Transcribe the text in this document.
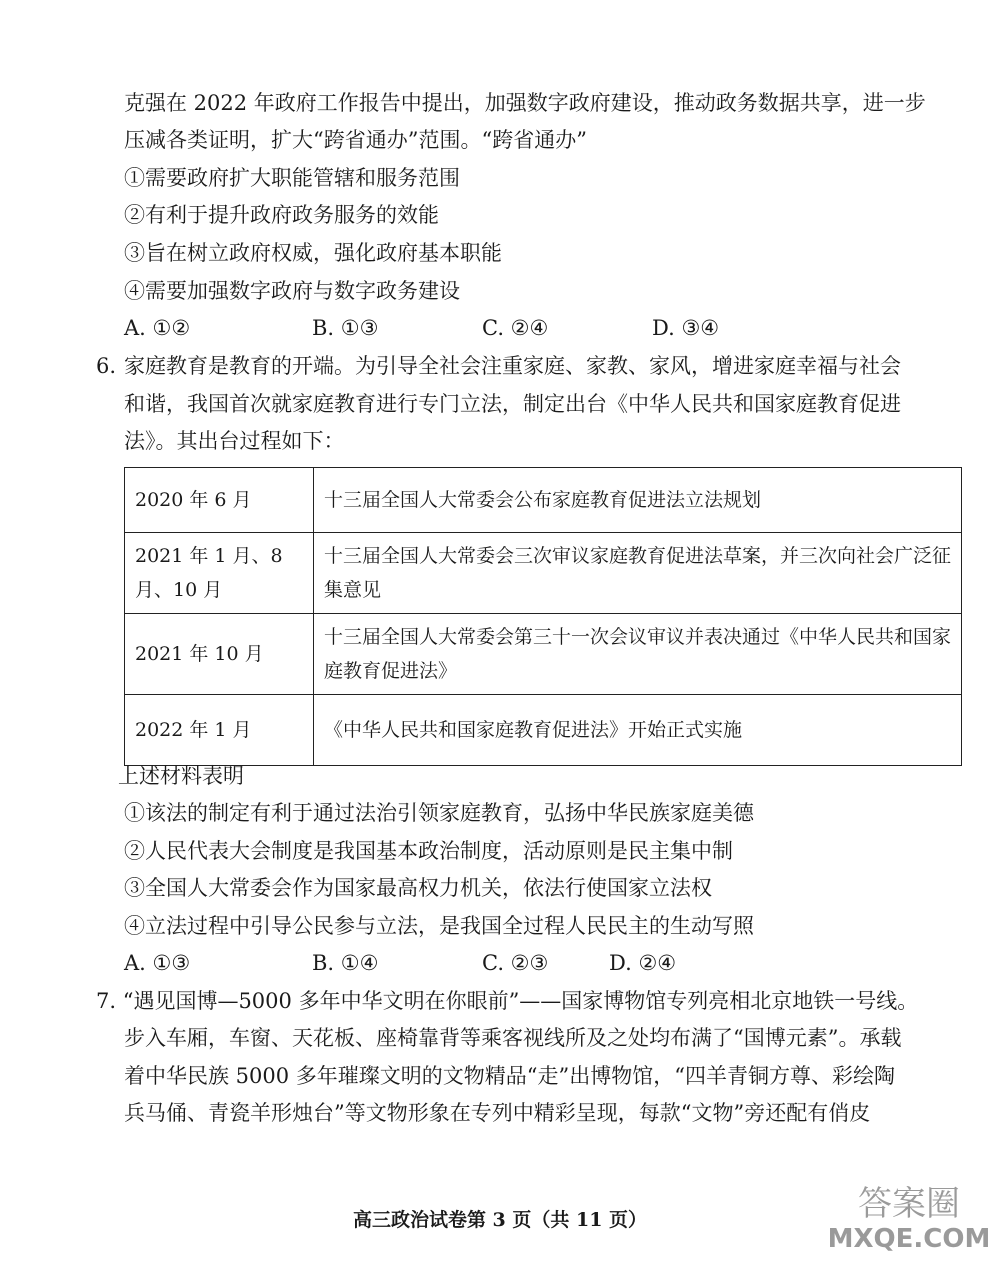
克强在 2022 年政府工作报告中提出，加强数字政府建设，推动政务数据共享，进一步
压减各类证明，扩大“跨省通办”范围。“跨省通办”
①需要政府扩大职能管辖和服务范围
②有利于提升政府政务服务的效能
③旨在树立政府权威，强化政府基本职能
④需要加强数字政府与数字政务建设
A. ①②	B. ①③	C. ②④	D. ③④
6. 家庭教育是教育的开端。为引导全社会注重家庭、家教、家风，增进家庭幸福与社会
和谐，我国首次就家庭教育进行专门立法，制定出台《中华人民共和国家庭教育促进
法》。其出台过程如下：
2020 年 6 月	十三届全国人大常委会公布家庭教育促进法立法规划
2021 年 1 月、8 月、10 月	十三届全国人大常委会三次审议家庭教育促进法草案，并三次向社会广泛征集意见
2021 年 10 月	十三届全国人大常委会第三十一次会议审议并表决通过《中华人民共和国家庭教育促进法》
2022 年 1 月	《中华人民共和国家庭教育促进法》开始正式实施
上述材料表明
①该法的制定有利于通过法治引领家庭教育，弘扬中华民族家庭美德
②人民代表大会制度是我国基本政治制度，活动原则是民主集中制
③全国人大常委会作为国家最高权力机关，依法行使国家立法权
④立法过程中引导公民参与立法，是我国全过程人民民主的生动写照
A. ①③	B. ①④	C. ②③	D. ②④
7. “遇见国博—5000 多年中华文明在你眼前”——国家博物馆专列亮相北京地铁一号线。
步入车厢，车窗、天花板、座椅靠背等乘客视线所及之处均布满了“国博元素”。承载
着中华民族 5000 多年璀璨文明的文物精品“走”出博物馆，“四羊青铜方尊、彩绘陶
兵马俑、青瓷羊形烛台”等文物形象在专列中精彩呈现，每款“文物”旁还配有俏皮
高三政治试卷第 3 页（共 11 页）	答案圈
MXQE.COM
